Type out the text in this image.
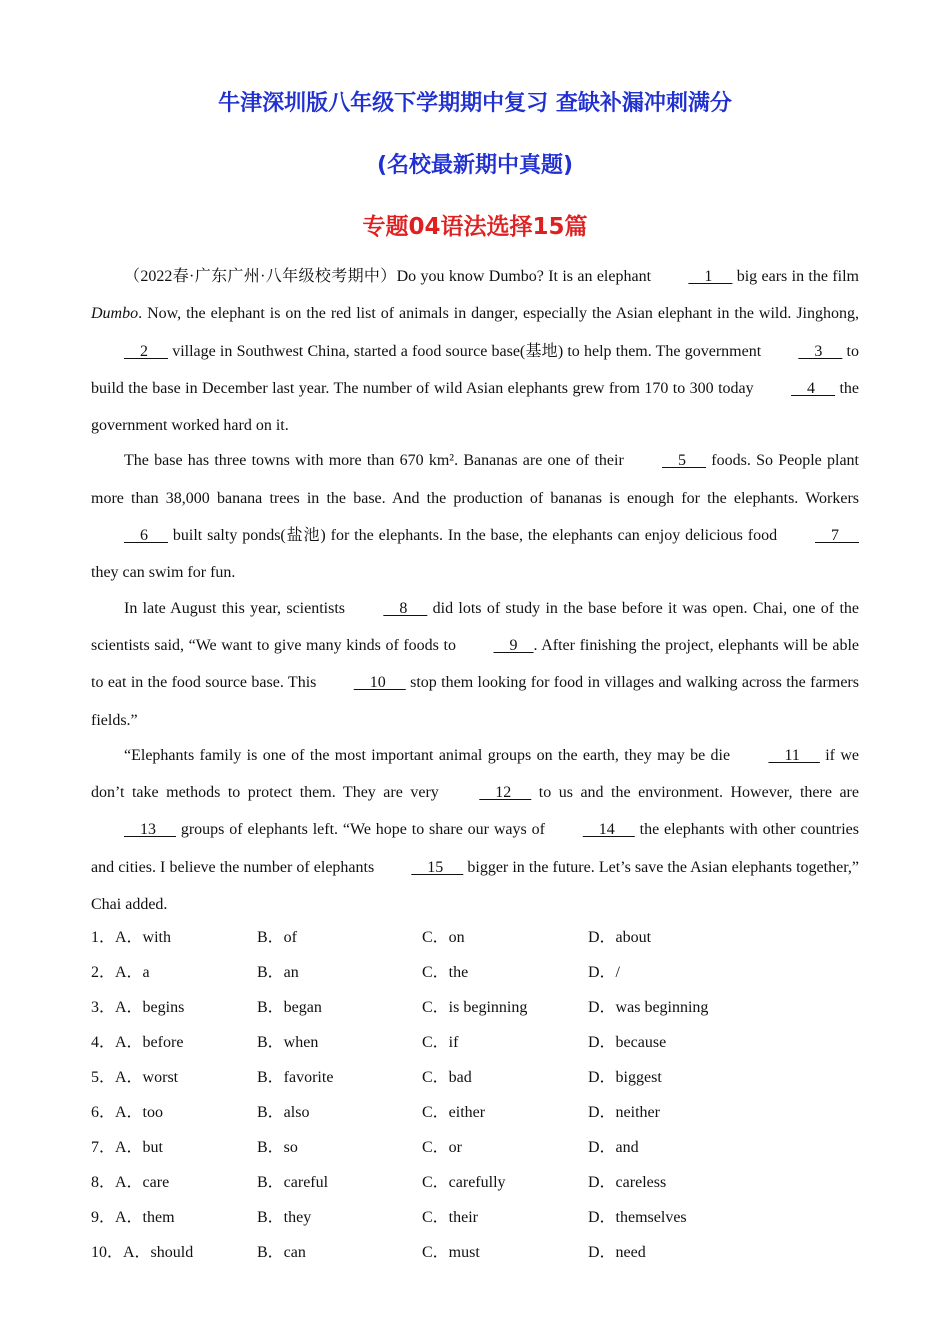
牛津深圳版八年级下学期期中复习 查缺补漏冲刺满分
(名校最新期中真题)
专题04语法选择15篇

（2022春·广东广州·八年级校考期中）Do you know Dumbo? It is an elephant     1      big ears in the film Dumbo. Now, the elephant is on the red list of animals in danger, especially the Asian elephant in the wild. Jinghong,     2      village in Southwest China, started a food source base(基地) to help them. The government     3      to build the base in December last year. The number of wild Asian elephants grew from 170 to 300 today     4      the government worked hard on it.

The base has three towns with more than 670 km². Bananas are one of their     5      foods. So People plant more than 38,000 banana trees in the base. And the production of bananas is enough for the elephants. Workers     6      built salty ponds(盐池) for the elephants. In the base, the elephants can enjoy delicious food     7      they can swim for fun.

In late August this year, scientists     8      did lots of study in the base before it was open. Chai, one of the scientists said, “We want to give many kinds of foods to     9    . After finishing the project, elephants will be able to eat in the food source base. This     10      stop them looking for food in villages and walking across the farmers fields.”

“Elephants family is one of the most important animal groups on the earth, they may be die     11      if we don’t take methods to protect them. They are very     12      to us and the environment. However, there are     13      groups of elephants left. “We hope to share our ways of     14      the elephants with other countries and cities. I believe the number of elephants     15      bigger in the future. Let’s save the Asian elephants together,” Chai added.

1．A．with	B．of	C．on	D．about
2．A．a	B．an	C．the	D．/
3．A．begins	B．began	C．is beginning	D．was beginning
4．A．before	B．when	C．if	D．because
5．A．worst	B．favorite	C．bad	D．biggest
6．A．too	B．also	C．either	D．neither
7．A．but	B．so	C．or	D．and
8．A．care	B．careful	C．carefully	D．careless
9．A．them	B．they	C．their	D．themselves
10．A．should	B．can	C．must	D．need
